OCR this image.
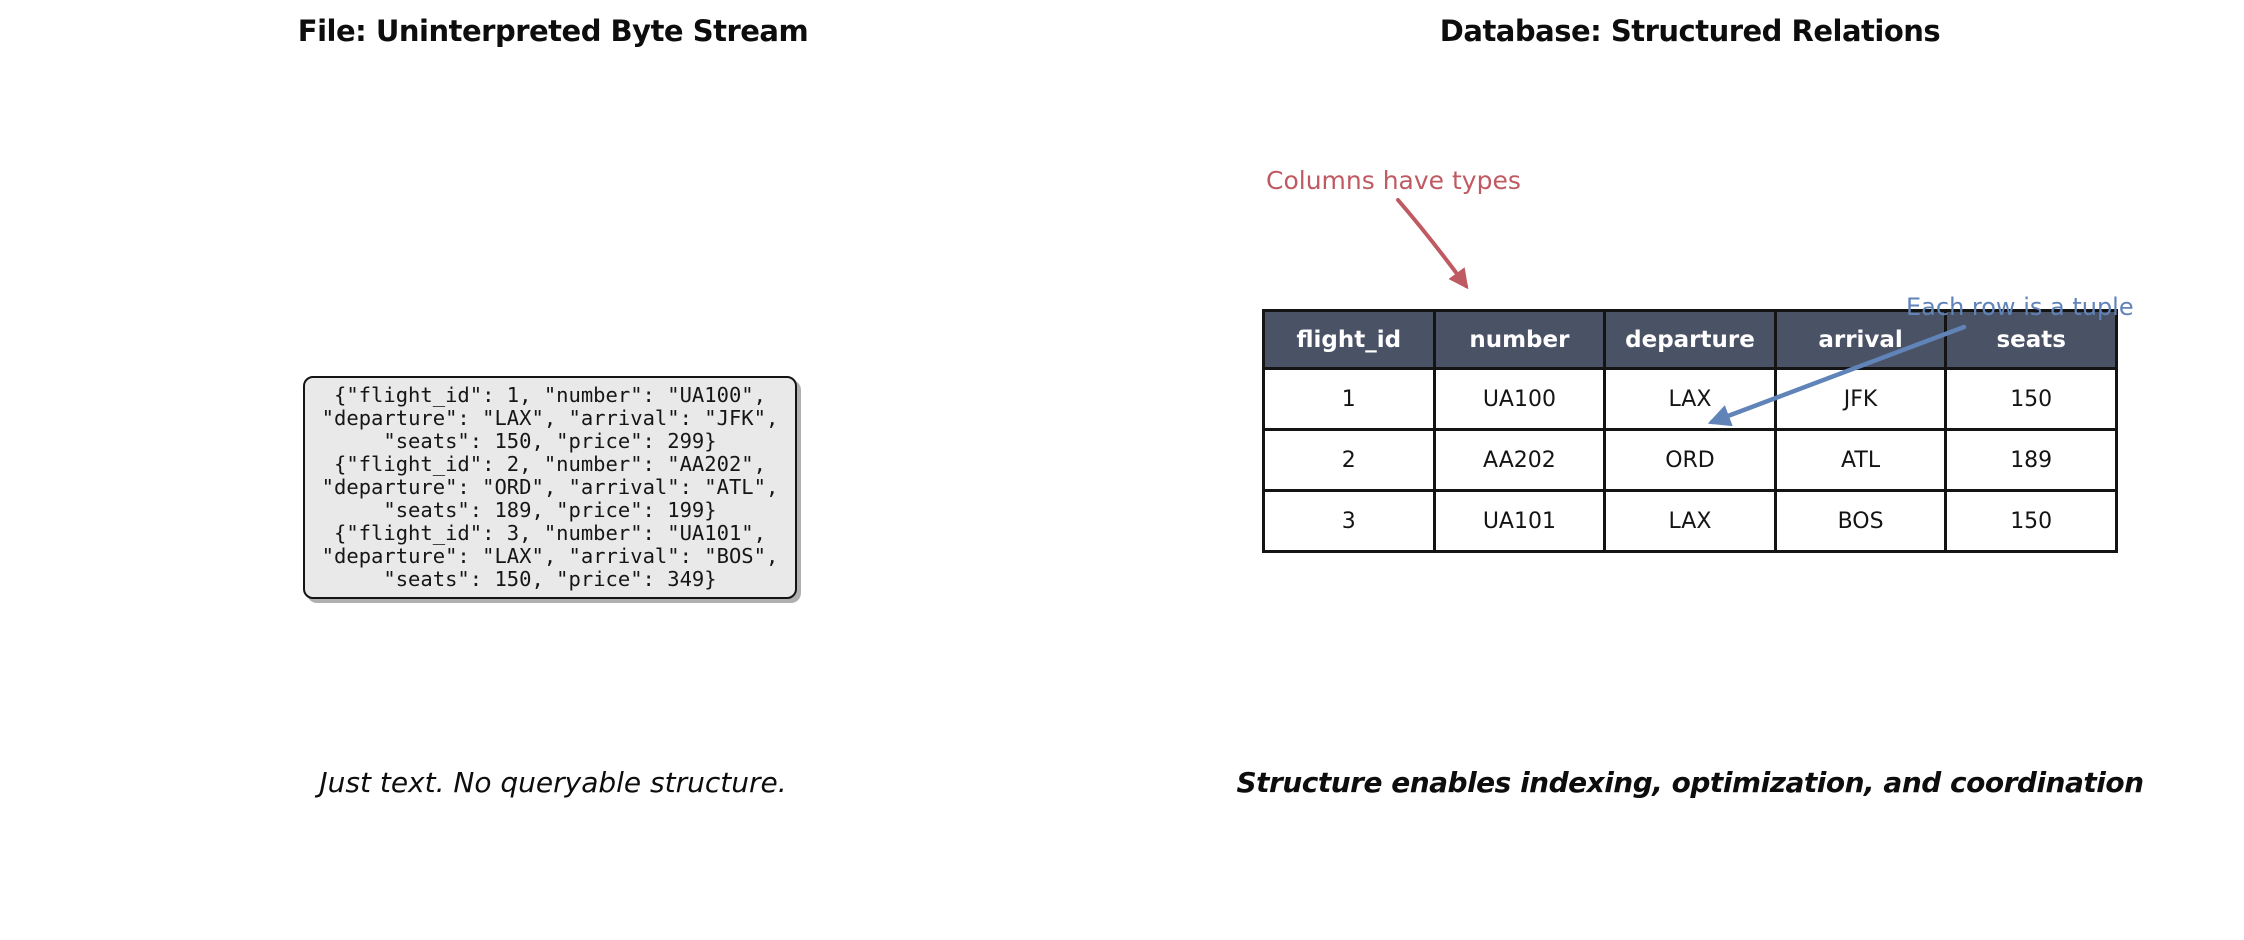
File: Uninterpreted Byte Stream	Database: Structured Relations
{"flight_id": 1, "number": "UA100",
"departure": "LAX", "arrival": "JFK",
"seats": 150, "price": 299}
{"flight_id": 2, "number": "AA202",
"departure": "ORD", "arrival": "ATL",
"seats": 189, "price": 199}
{"flight_id": 3, "number": "UA101",
"departure": "LAX", "arrival": "BOS",
"seats": 150, "price": 349}
flight_id	number	departure	arrival	seats
1	UA100	LAX	JFK	150
2	AA202	ORD	ATL	189
3	UA101	LAX	BOS	150
Columns have types
Each row is a tuple
Just text. No queryable structure.	Structure enables indexing, optimization, and coordination
